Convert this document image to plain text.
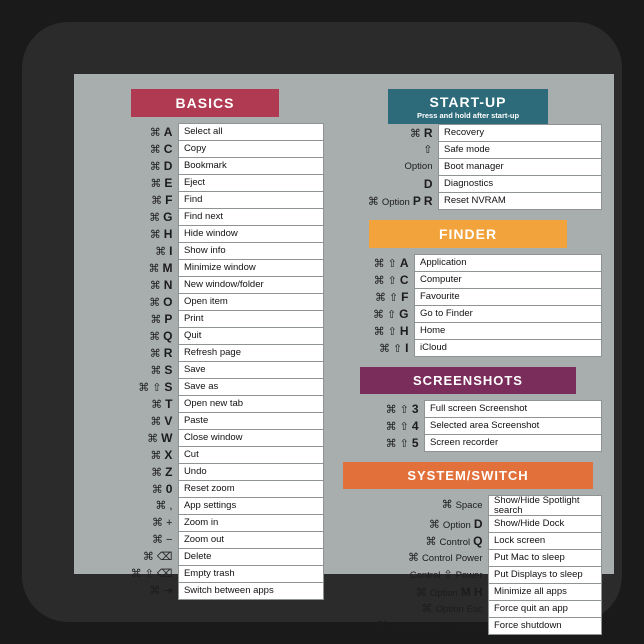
BASICS
⌘ A	Select all
⌘ C	Copy
⌘ D	Bookmark
⌘ E	Eject
⌘ F	Find
⌘ G	Find next
⌘ H	Hide window
⌘ I	Show info
⌘ M	Minimize window
⌘ N	New window/folder
⌘ O	Open item
⌘ P	Print
⌘ Q	Quit
⌘ R	Refresh page
⌘ S	Save
⌘ ⇧ S	Save as
⌘ T	Open new tab
⌘ V	Paste
⌘ W	Close window
⌘ X	Cut
⌘ Z	Undo
⌘ 0	Reset zoom
⌘ ,	App settings
⌘ +	Zoom in
⌘ −	Zoom out
⌘ ⌫	Delete
⌘ ⇧ ⌫	Empty trash
⌘ ⇥	Switch between apps
START-UP
Press and hold after start-up
⌘ R	Recovery
⇧	Safe mode
Option	Boot manager
D	Diagnostics
⌘ Option P R	Reset NVRAM
FINDER
⌘ ⇧ A	Application
⌘ ⇧ C	Computer
⌘ ⇧ F	Favourite
⌘ ⇧ G	Go to Finder
⌘ ⇧ H	Home
⌘ ⇧ I	iCloud
SCREENSHOTS
⌘ ⇧ 3	Full screen Screenshot
⌘ ⇧ 4	Selected area Screenshot
⌘ ⇧ 5	Screen recorder
SYSTEM/SWITCH
⌘ Space	Show/Hide Spotlight search
⌘ Option D	Show/Hide Dock
⌘ Control Q	Lock screen
⌘ Control Power	Put Mac to sleep
Control ⇧ Power	Put Displays to sleep
⌘ Option M H	Minimize all apps
⌘ Option Esc	Force quit an app
⌘ Option Control Power	Force shutdown
